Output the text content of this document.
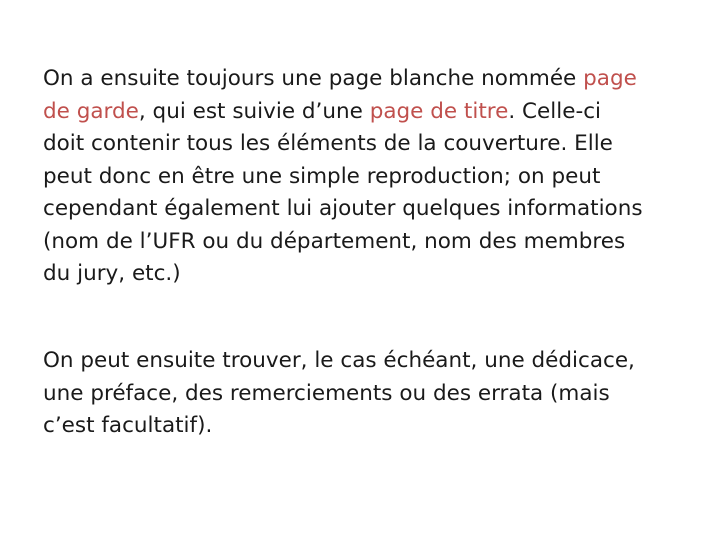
On a ensuite toujours une page blanche nommée page
de garde, qui est suivie d’une page de titre. Celle-ci
doit contenir tous les éléments de la couverture. Elle
peut donc en être une simple reproduction; on peut
cependant également lui ajouter quelques informations
(nom de l’UFR ou du département, nom des membres
du jury, etc.)

On peut ensuite trouver, le cas échéant, une dédicace,
une préface, des remerciements ou des errata (mais
c’est facultatif).
